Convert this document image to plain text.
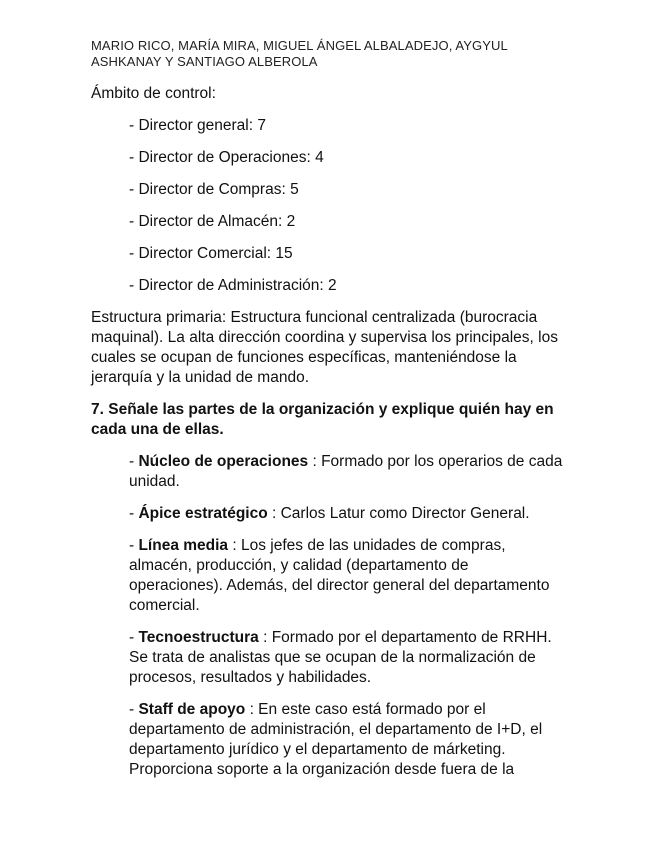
MARIO RICO, MARÍA MIRA, MIGUEL ÁNGEL ALBALADEJO, AYGYUL
ASHKANAY Y SANTIAGO ALBEROLA

Ámbito de control:

- Director general: 7
- Director de Operaciones: 4
- Director de Compras: 5
- Director de Almacén: 2
- Director Comercial: 15
- Director de Administración: 2

Estructura primaria: Estructura funcional centralizada (burocracia maquinal). La alta dirección coordina y supervisa los principales, los cuales se ocupan de funciones específicas, manteniéndose la jerarquía y la unidad de mando.

7. Señale las partes de la organización y explique quién hay en cada una de ellas.

- Núcleo de operaciones : Formado por los operarios de cada unidad.
- Ápice estratégico : Carlos Latur como Director General.
- Línea media : Los jefes de las unidades de compras, almacén, producción, y calidad (departamento de operaciones). Además, del director general del departamento comercial.
- Tecnoestructura : Formado por el departamento de RRHH. Se trata de analistas que se ocupan de la normalización de procesos, resultados y habilidades.
- Staff de apoyo : En este caso está formado por el departamento de administración, el departamento de I+D, el departamento jurídico y el departamento de márketing. Proporciona soporte a la organización desde fuera de la
